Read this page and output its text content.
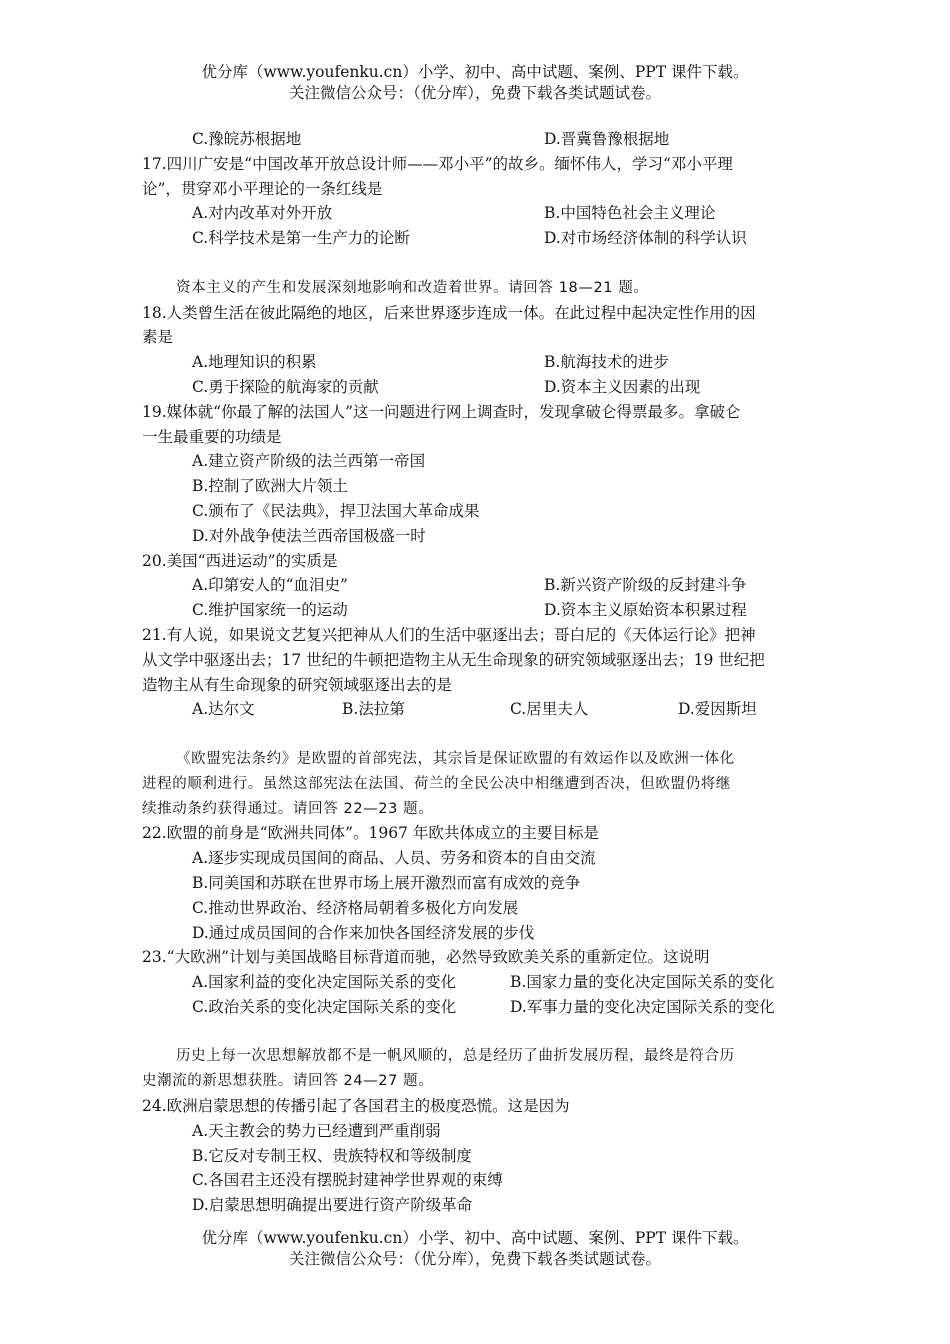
优分库（www.youfenku.cn）小学、初中、高中试题、案例、PPT 课件下载。
关注微信公众号：（优分库），免费下载各类试题试卷。
C.豫皖苏根据地	D.晋冀鲁豫根据地
17.四川广安是“中国改革开放总设计师——邓小平”的故乡。缅怀伟人，学习“邓小平理
论”，贯穿邓小平理论的一条红线是
A.对内改革对外开放	B.中国特色社会主义理论
C.科学技术是第一生产力的论断	D.对市场经济体制的科学认识
资本主义的产生和发展深刻地影响和改造着世界。请回答 18—21 题。
18.人类曾生活在彼此隔绝的地区，后来世界逐步连成一体。在此过程中起决定性作用的因
素是
A.地理知识的积累	B.航海技术的进步
C.勇于探险的航海家的贡献	D.资本主义因素的出现
19.媒体就“你最了解的法国人”这一问题进行网上调查时，发现拿破仑得票最多。拿破仑
一生最重要的功绩是
A.建立资产阶级的法兰西第一帝国
B.控制了欧洲大片领土
C.颁布了《民法典》，捍卫法国大革命成果
D.对外战争使法兰西帝国极盛一时
20.美国“西进运动”的实质是
A.印第安人的“血泪史”	B.新兴资产阶级的反封建斗争
C.维护国家统一的运动	D.资本主义原始资本积累过程
21.有人说，如果说文艺复兴把神从人们的生活中驱逐出去；哥白尼的《天体运行论》把神
从文学中驱逐出去；17 世纪的牛顿把造物主从无生命现象的研究领域驱逐出去；19 世纪把
造物主从有生命现象的研究领域驱逐出去的是
A.达尔文	B.法拉第	C.居里夫人	D.爱因斯坦
《欧盟宪法条约》是欧盟的首部宪法，其宗旨是保证欧盟的有效运作以及欧洲一体化
进程的顺利进行。虽然这部宪法在法国、荷兰的全民公决中相继遭到否决，但欧盟仍将继
续推动条约获得通过。请回答 22—23 题。
22.欧盟的前身是“欧洲共同体”。1967 年欧共体成立的主要目标是
A.逐步实现成员国间的商品、人员、劳务和资本的自由交流
B.同美国和苏联在世界市场上展开激烈而富有成效的竞争
C.推动世界政治、经济格局朝着多极化方向发展
D.通过成员国间的合作来加快各国经济发展的步伐
23.“大欧洲”计划与美国战略目标背道而驰，必然导致欧美关系的重新定位。这说明
A.国家利益的变化决定国际关系的变化	B.国家力量的变化决定国际关系的变化
C.政治关系的变化决定国际关系的变化	D.军事力量的变化决定国际关系的变化
历史上每一次思想解放都不是一帆风顺的，总是经历了曲折发展历程，最终是符合历
史潮流的新思想获胜。请回答 24—27 题。
24.欧洲启蒙思想的传播引起了各国君主的极度恐慌。这是因为
A.天主教会的势力已经遭到严重削弱
B.它反对专制王权、贵族特权和等级制度
C.各国君主还没有摆脱封建神学世界观的束缚
D.启蒙思想明确提出要进行资产阶级革命
优分库（www.youfenku.cn）小学、初中、高中试题、案例、PPT 课件下载。
关注微信公众号：（优分库），免费下载各类试题试卷。
